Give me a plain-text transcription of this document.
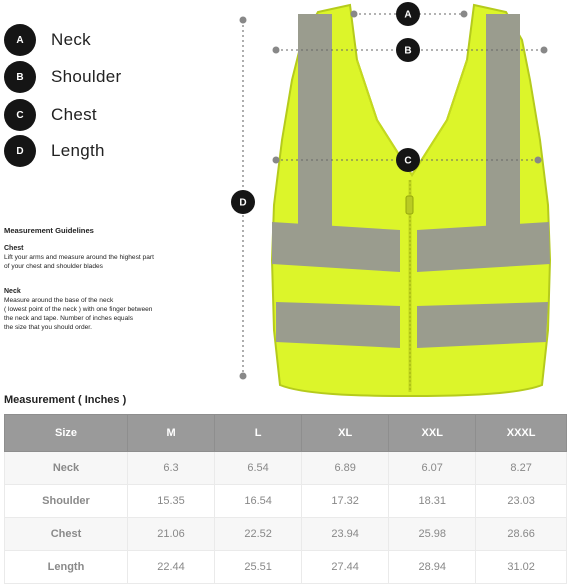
A	Neck
B	Shoulder
C	Chest
D	Length
Measurement Guidelines
Chest
Lift your arms and measure around the highest part
of your chest and shoulder blades
Neck
Measure around the base of the neck
( lowest point of the neck ) with one finger between
the neck and tape. Number of inches equals
the size that you should order.
D
A
B
C
Measurement ( Inches )
Size	M	L	XL	XXL	XXXL
Neck	6.3	6.54	6.89	6.07	8.27
Shoulder	15.35	16.54	17.32	18.31	23.03
Chest	21.06	22.52	23.94	25.98	28.66
Length	22.44	25.51	27.44	28.94	31.02
